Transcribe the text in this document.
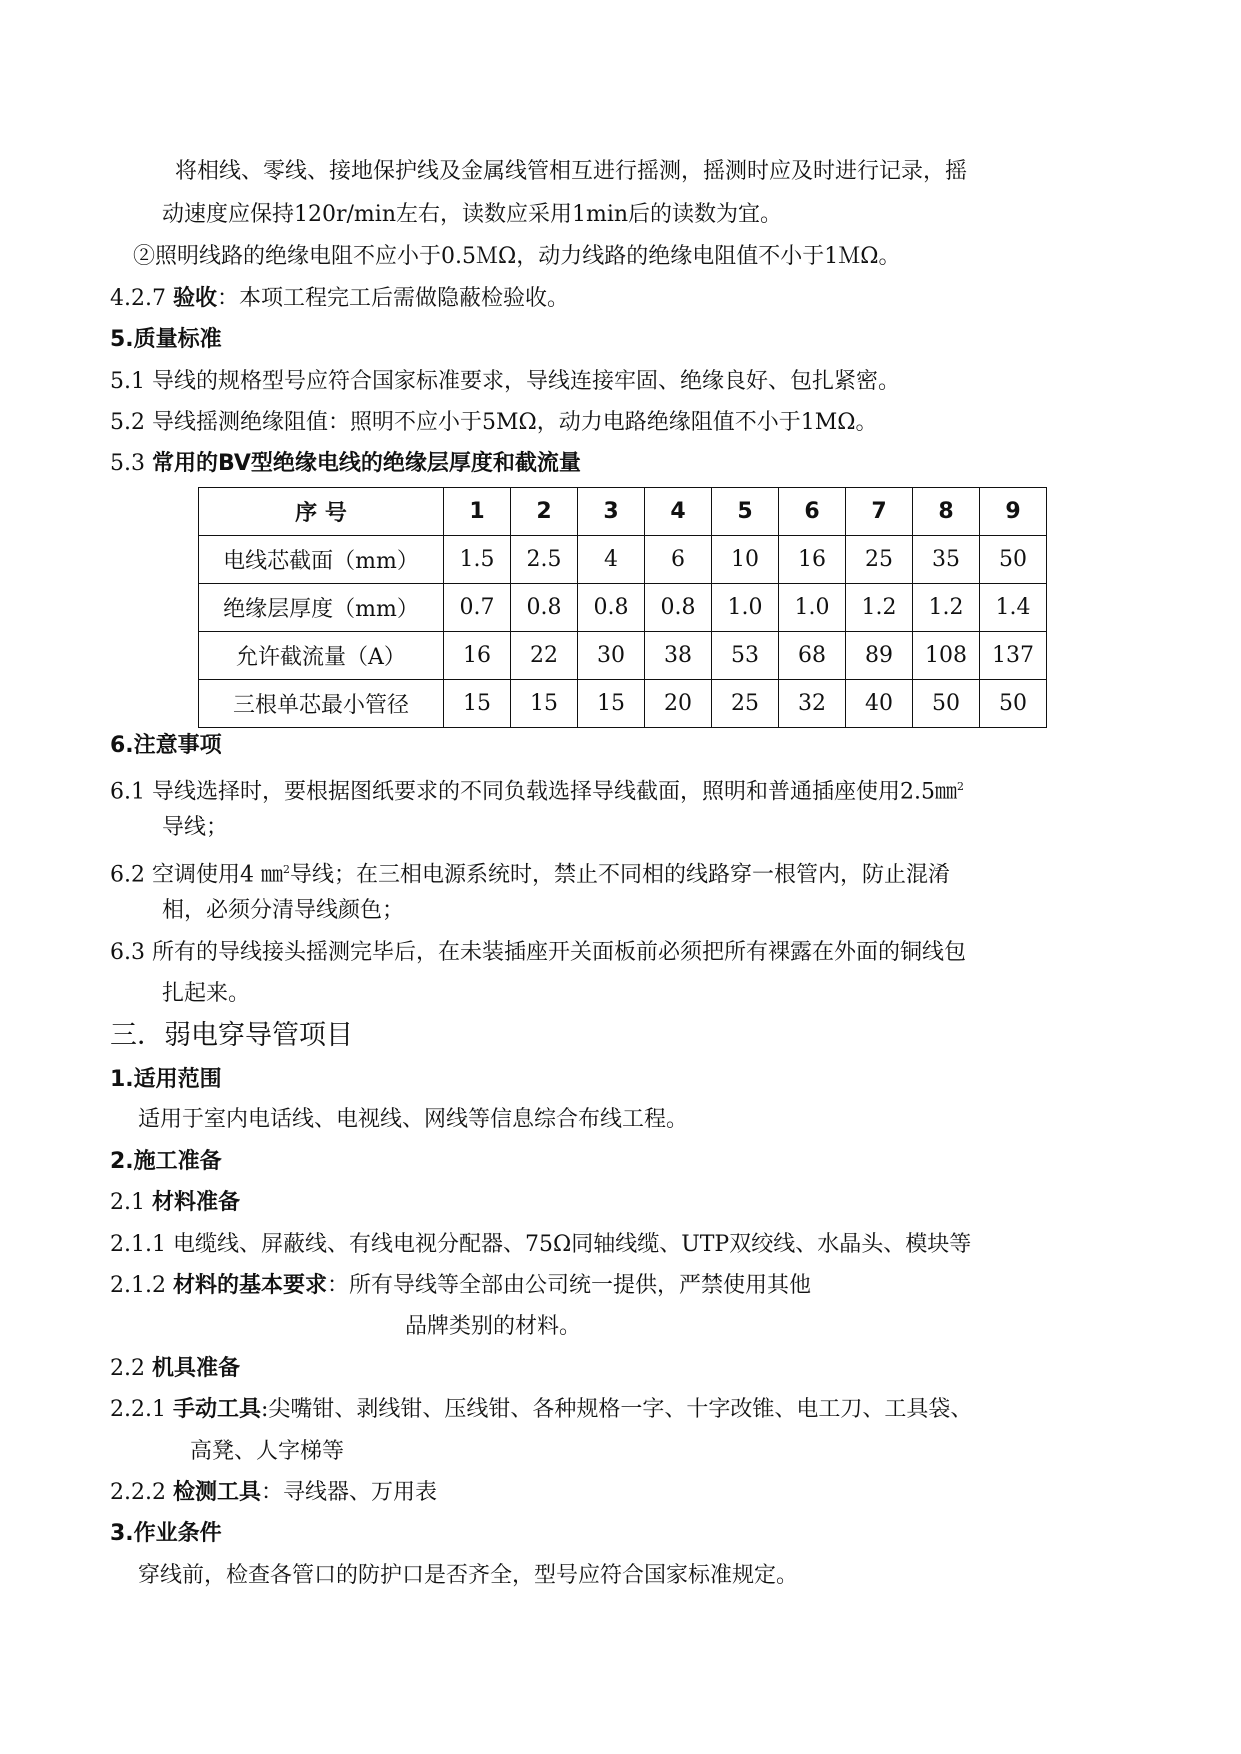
将相线、零线、接地保护线及金属线管相互进行摇测，摇测时应及时进行记录，摇
动速度应保持120r/min左右，读数应采用1min后的读数为宜。
②照明线路的绝缘电阻不应小于0.5ＭΩ，动力线路的绝缘电阻值不小于1ＭΩ。
4.2.7 验收：本项工程完工后需做隐蔽检验收。
5.质量标准
5.1 导线的规格型号应符合国家标准要求，导线连接牢固、绝缘良好、包扎紧密。
5.2 导线摇测绝缘阻值：照明不应小于5MΩ，动力电路绝缘阻值不小于1MΩ。
5.3 常用的BV型绝缘电线的绝缘层厚度和截流量
序 号	1	2	3	4	5	6	7	8	9
电线芯截面（mm）	1.5	2.5	4	6	10	16	25	35	50
绝缘层厚度（mm）	0.7	0.8	0.8	0.8	1.0	1.0	1.2	1.2	1.4
允许截流量（A）	16	22	30	38	53	68	89	108	137
三根单芯最小管径	15	15	15	20	25	32	40	50	50
6.注意事项
6.1 导线选择时，要根据图纸要求的不同负载选择导线截面，照明和普通插座使用2.5㎜$^2$
导线；
6.2 空调使用4 ㎜$^2$导线；在三相电源系统时，禁止不同相的线路穿一根管内，防止混淆
相，必须分清导线颜色；
6.3 所有的导线接头摇测完毕后，在未装插座开关面板前必须把所有裸露在外面的铜线包
扎起来。
三．弱电穿导管项目
1.适用范围
适用于室内电话线、电视线、网线等信息综合布线工程。
2.施工准备
2.1 材料准备
2.1.1 电缆线、屏蔽线、有线电视分配器、75Ω同轴线缆、UTP双绞线、水晶头、模块等
2.1.2 材料的基本要求：所有导线等全部由公司统一提供，严禁使用其他
品牌类别的材料。
2.2 机具准备
2.2.1 手动工具:尖嘴钳、剥线钳、压线钳、各种规格一字、十字改锥、电工刀、工具袋、
高凳、人字梯等
2.2.2 检测工具：寻线器、万用表
3.作业条件
穿线前，检查各管口的防护口是否齐全，型号应符合国家标准规定。
